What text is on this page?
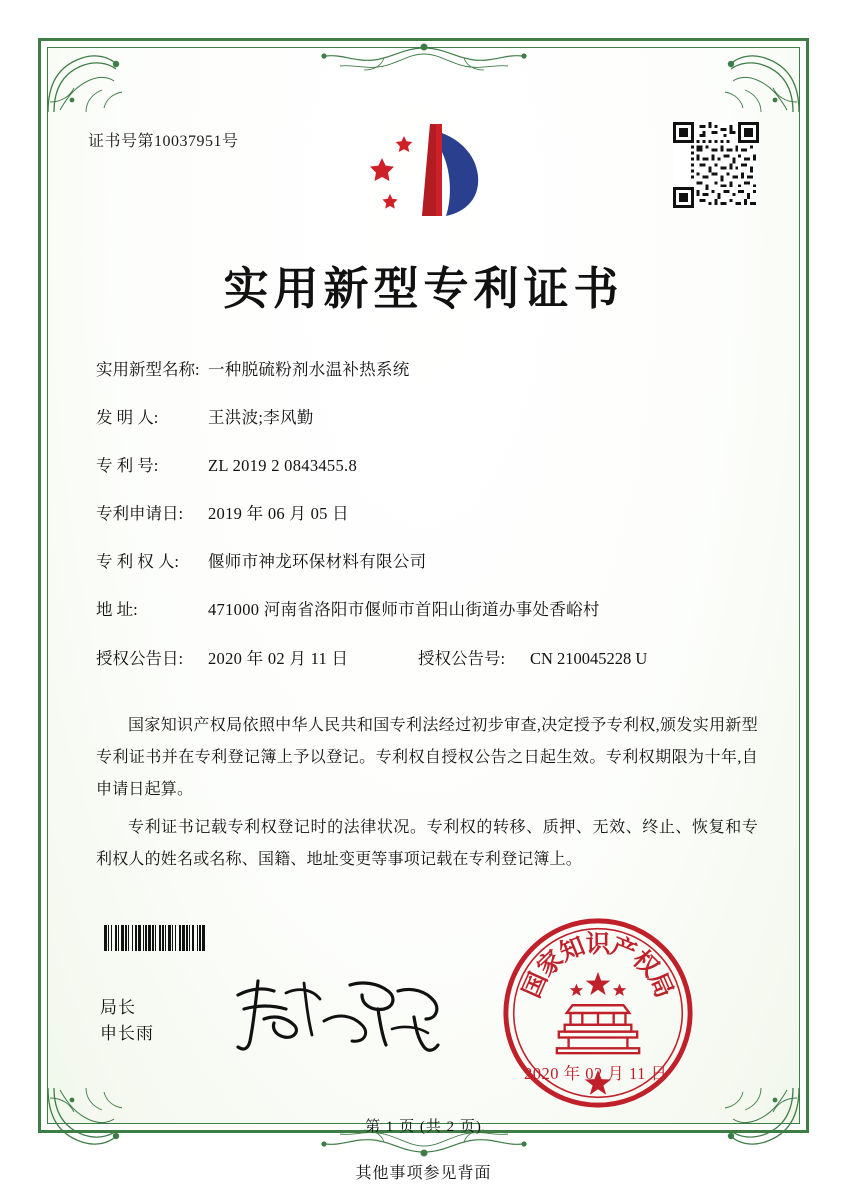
证书号第10037951号
实用新型专利证书
实用新型名称: 一种脱硫粉剂水温补热系统
发 明 人:	王洪波;李风勤
专 利 号:	ZL 2019 2 0843455.8
专利申请日:	2019 年 06 月 05 日
专 利 权 人:	偃师市神龙环保材料有限公司
地 址:	471000 河南省洛阳市偃师市首阳山街道办事处香峪村
授权公告日:	2020 年 02 月 11 日	授权公告号:	CN 210045228 U

国家知识产权局依照中华人民共和国专利法经过初步审查,决定授予专利权,颁发实用新型专利证书并在专利登记簿上予以登记。专利权自授权公告之日起生效。专利权期限为十年,自申请日起算。

专利证书记载专利权登记时的法律状况。专利权的转移、质押、无效、终止、恢复和专利权人的姓名或名称、国籍、地址变更等事项记载在专利登记簿上。

局长
申长雨
国
家
知
识
产
权
局
2020 年 02 月 11 日
第 1 页 (共 2 页)
其他事项参见背面
